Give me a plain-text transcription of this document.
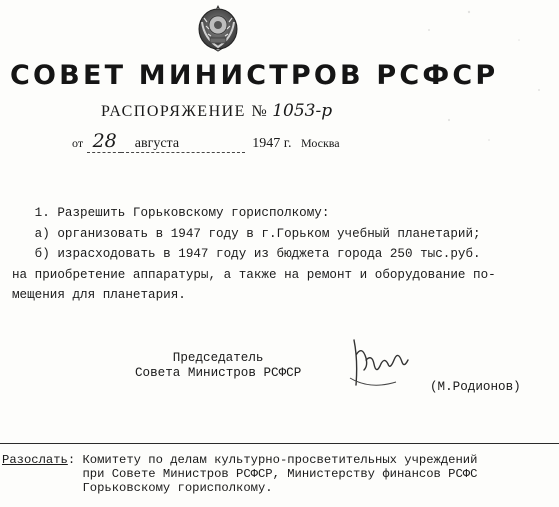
СОВЕТ МИНИСТРОВ РСФСР
РАСПОРЯЖЕНИЕ № 1053-р
от 28 августа	1947 г. Москва
1. Разрешить Горьковскому горисполкому:
а) организовать в 1947 году в г.Горьком учебный планетарий;
б) израсходовать в 1947 году из бюджета города 250 тыс.руб.
на приобретение аппаратуры, а также на ремонт и оборудование по-
мещения для планетария.
Председатель
Совета Министров РСФСР
(М.Родионов)
Разослать: Комитету по делам культурно-просветительных учреждений
при Совете Министров РСФСР, Министерству финансов РСФС
Горьковскому горисполкому.
